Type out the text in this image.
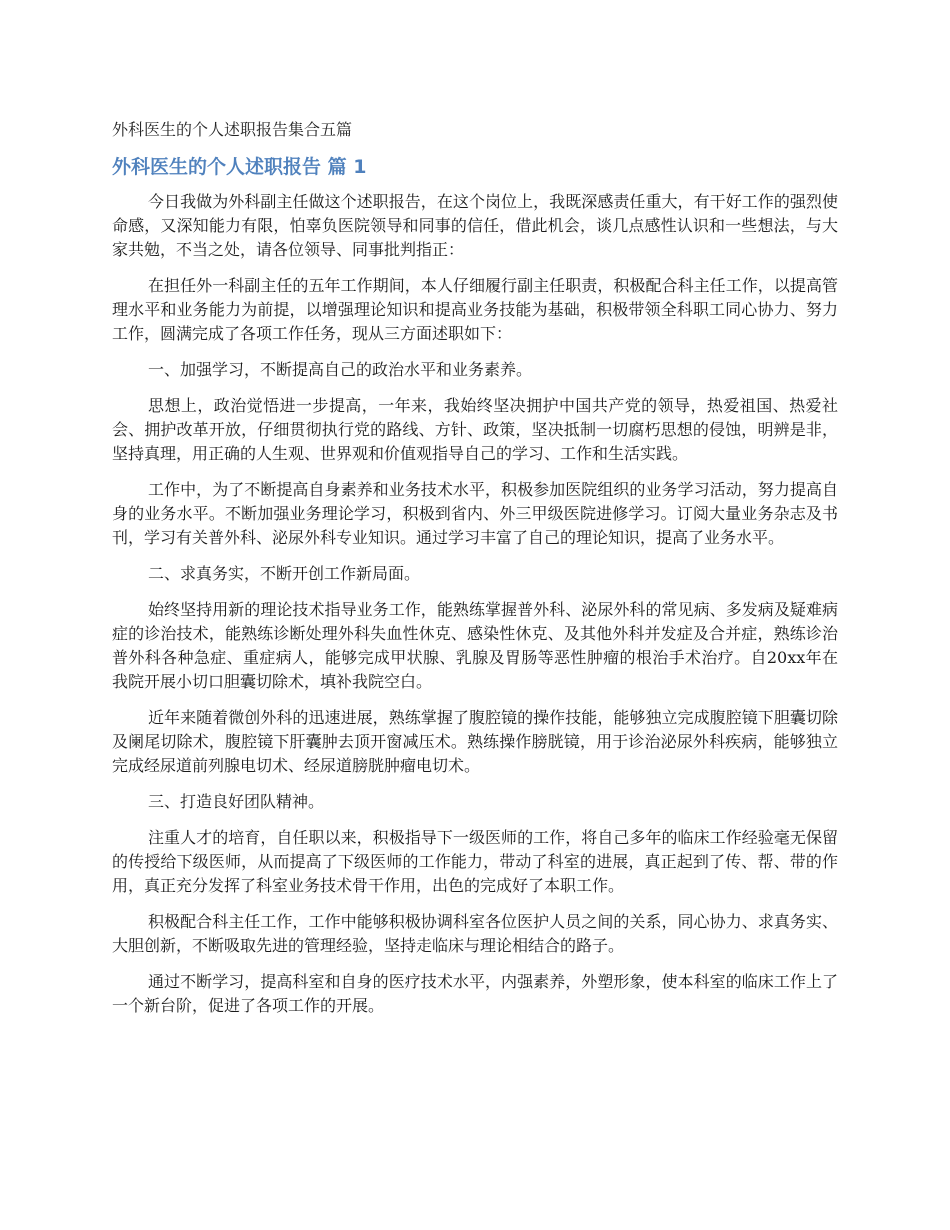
外科医生的个人述职报告集合五篇
外科医生的个人述职报告 篇 1

今日我做为外科副主任做这个述职报告，在这个岗位上，我既深感责任重大，有干好工作的强烈使命感，又深知能力有限，怕辜负医院领导和同事的信任，借此机会，谈几点感性认识和一些想法，与大家共勉，不当之处，请各位领导、同事批判指正：

在担任外一科副主任的五年工作期间，本人仔细履行副主任职责，积极配合科主任工作，以提高管理水平和业务能力为前提，以增强理论知识和提高业务技能为基础，积极带领全科职工同心协力、努力工作，圆满完成了各项工作任务，现从三方面述职如下：

一、加强学习，不断提高自己的政治水平和业务素养。

思想上，政治觉悟进一步提高，一年来，我始终坚决拥护中国共产党的领导，热爱祖国、热爱社会、拥护改革开放，仔细贯彻执行党的路线、方针、政策，坚决抵制一切腐朽思想的侵蚀，明辨是非，坚持真理，用正确的人生观、世界观和价值观指导自己的学习、工作和生活实践。

工作中，为了不断提高自身素养和业务技术水平，积极参加医院组织的业务学习活动，努力提高自身的业务水平。不断加强业务理论学习，积极到省内、外三甲级医院进修学习。订阅大量业务杂志及书刊，学习有关普外科、泌尿外科专业知识。通过学习丰富了自己的理论知识，提高了业务水平。

二、求真务实，不断开创工作新局面。

始终坚持用新的理论技术指导业务工作，能熟练掌握普外科、泌尿外科的常见病、多发病及疑难病症的诊治技术，能熟练诊断处理外科失血性休克、感染性休克、及其他外科并发症及合并症，熟练诊治普外科各种急症、重症病人，能够完成甲状腺、乳腺及胃肠等恶性肿瘤的根治手术治疗。自20xx年在我院开展小切口胆囊切除术，填补我院空白。

近年来随着微创外科的迅速进展，熟练掌握了腹腔镜的操作技能，能够独立完成腹腔镜下胆囊切除及阑尾切除术，腹腔镜下肝囊肿去顶开窗减压术。熟练操作膀胱镜，用于诊治泌尿外科疾病，能够独立完成经尿道前列腺电切术、经尿道膀胱肿瘤电切术。

三、打造良好团队精神。

注重人才的培育，自任职以来，积极指导下一级医师的工作，将自己多年的临床工作经验毫无保留的传授给下级医师，从而提高了下级医师的工作能力，带动了科室的进展，真正起到了传、帮、带的作用，真正充分发挥了科室业务技术骨干作用，出色的完成好了本职工作。

积极配合科主任工作，工作中能够积极协调科室各位医护人员之间的关系，同心协力、求真务实、大胆创新，不断吸取先进的管理经验，坚持走临床与理论相结合的路子。

通过不断学习，提高科室和自身的医疗技术水平，内强素养，外塑形象，使本科室的临床工作上了一个新台阶，促进了各项工作的开展。
